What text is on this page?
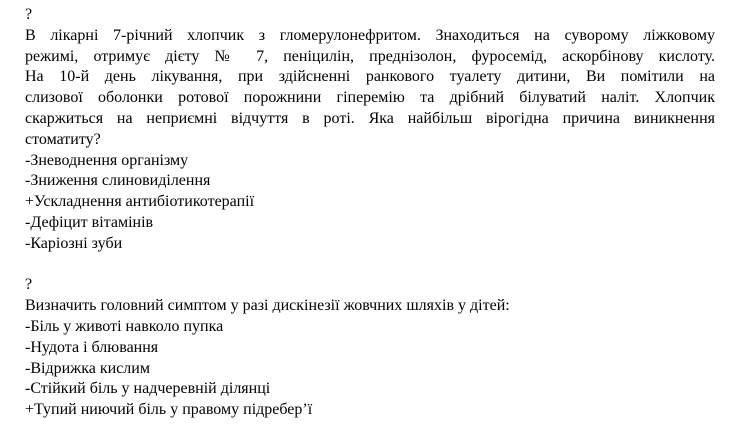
?
В лікарні 7-річний хлопчик з гломерулонефритом. Знаходиться на суворому ліжковому
режимі, отримує дієту № 7, пеніцилін, преднізолон, фуросемід, аскорбінову кислоту.
На 10-й день лікування, при здійсненні ранкового туалету дитини, Ви помітили на
слизової оболонки ротової порожнини гіперемію та дрібний білуватий наліт. Хлопчик
скаржиться на неприємні відчуття в роті. Яка найбільш вірогідна причина виникнення
стоматиту?
-Зневоднення організму
-Зниження слиновиділення
+Ускладнення антибіотикотерапії
-Дефіцит вітамінів
-Каріозні зуби
?
Визначить головний симптом у разі дискінезії жовчних шляхів у дітей:
-Біль у животі навколо пупка
-Нудота і блювання
-Відрижка кислим
-Стійкий біль у надчеревній ділянці
+Тупий ниючий біль у правому підребер’ї
